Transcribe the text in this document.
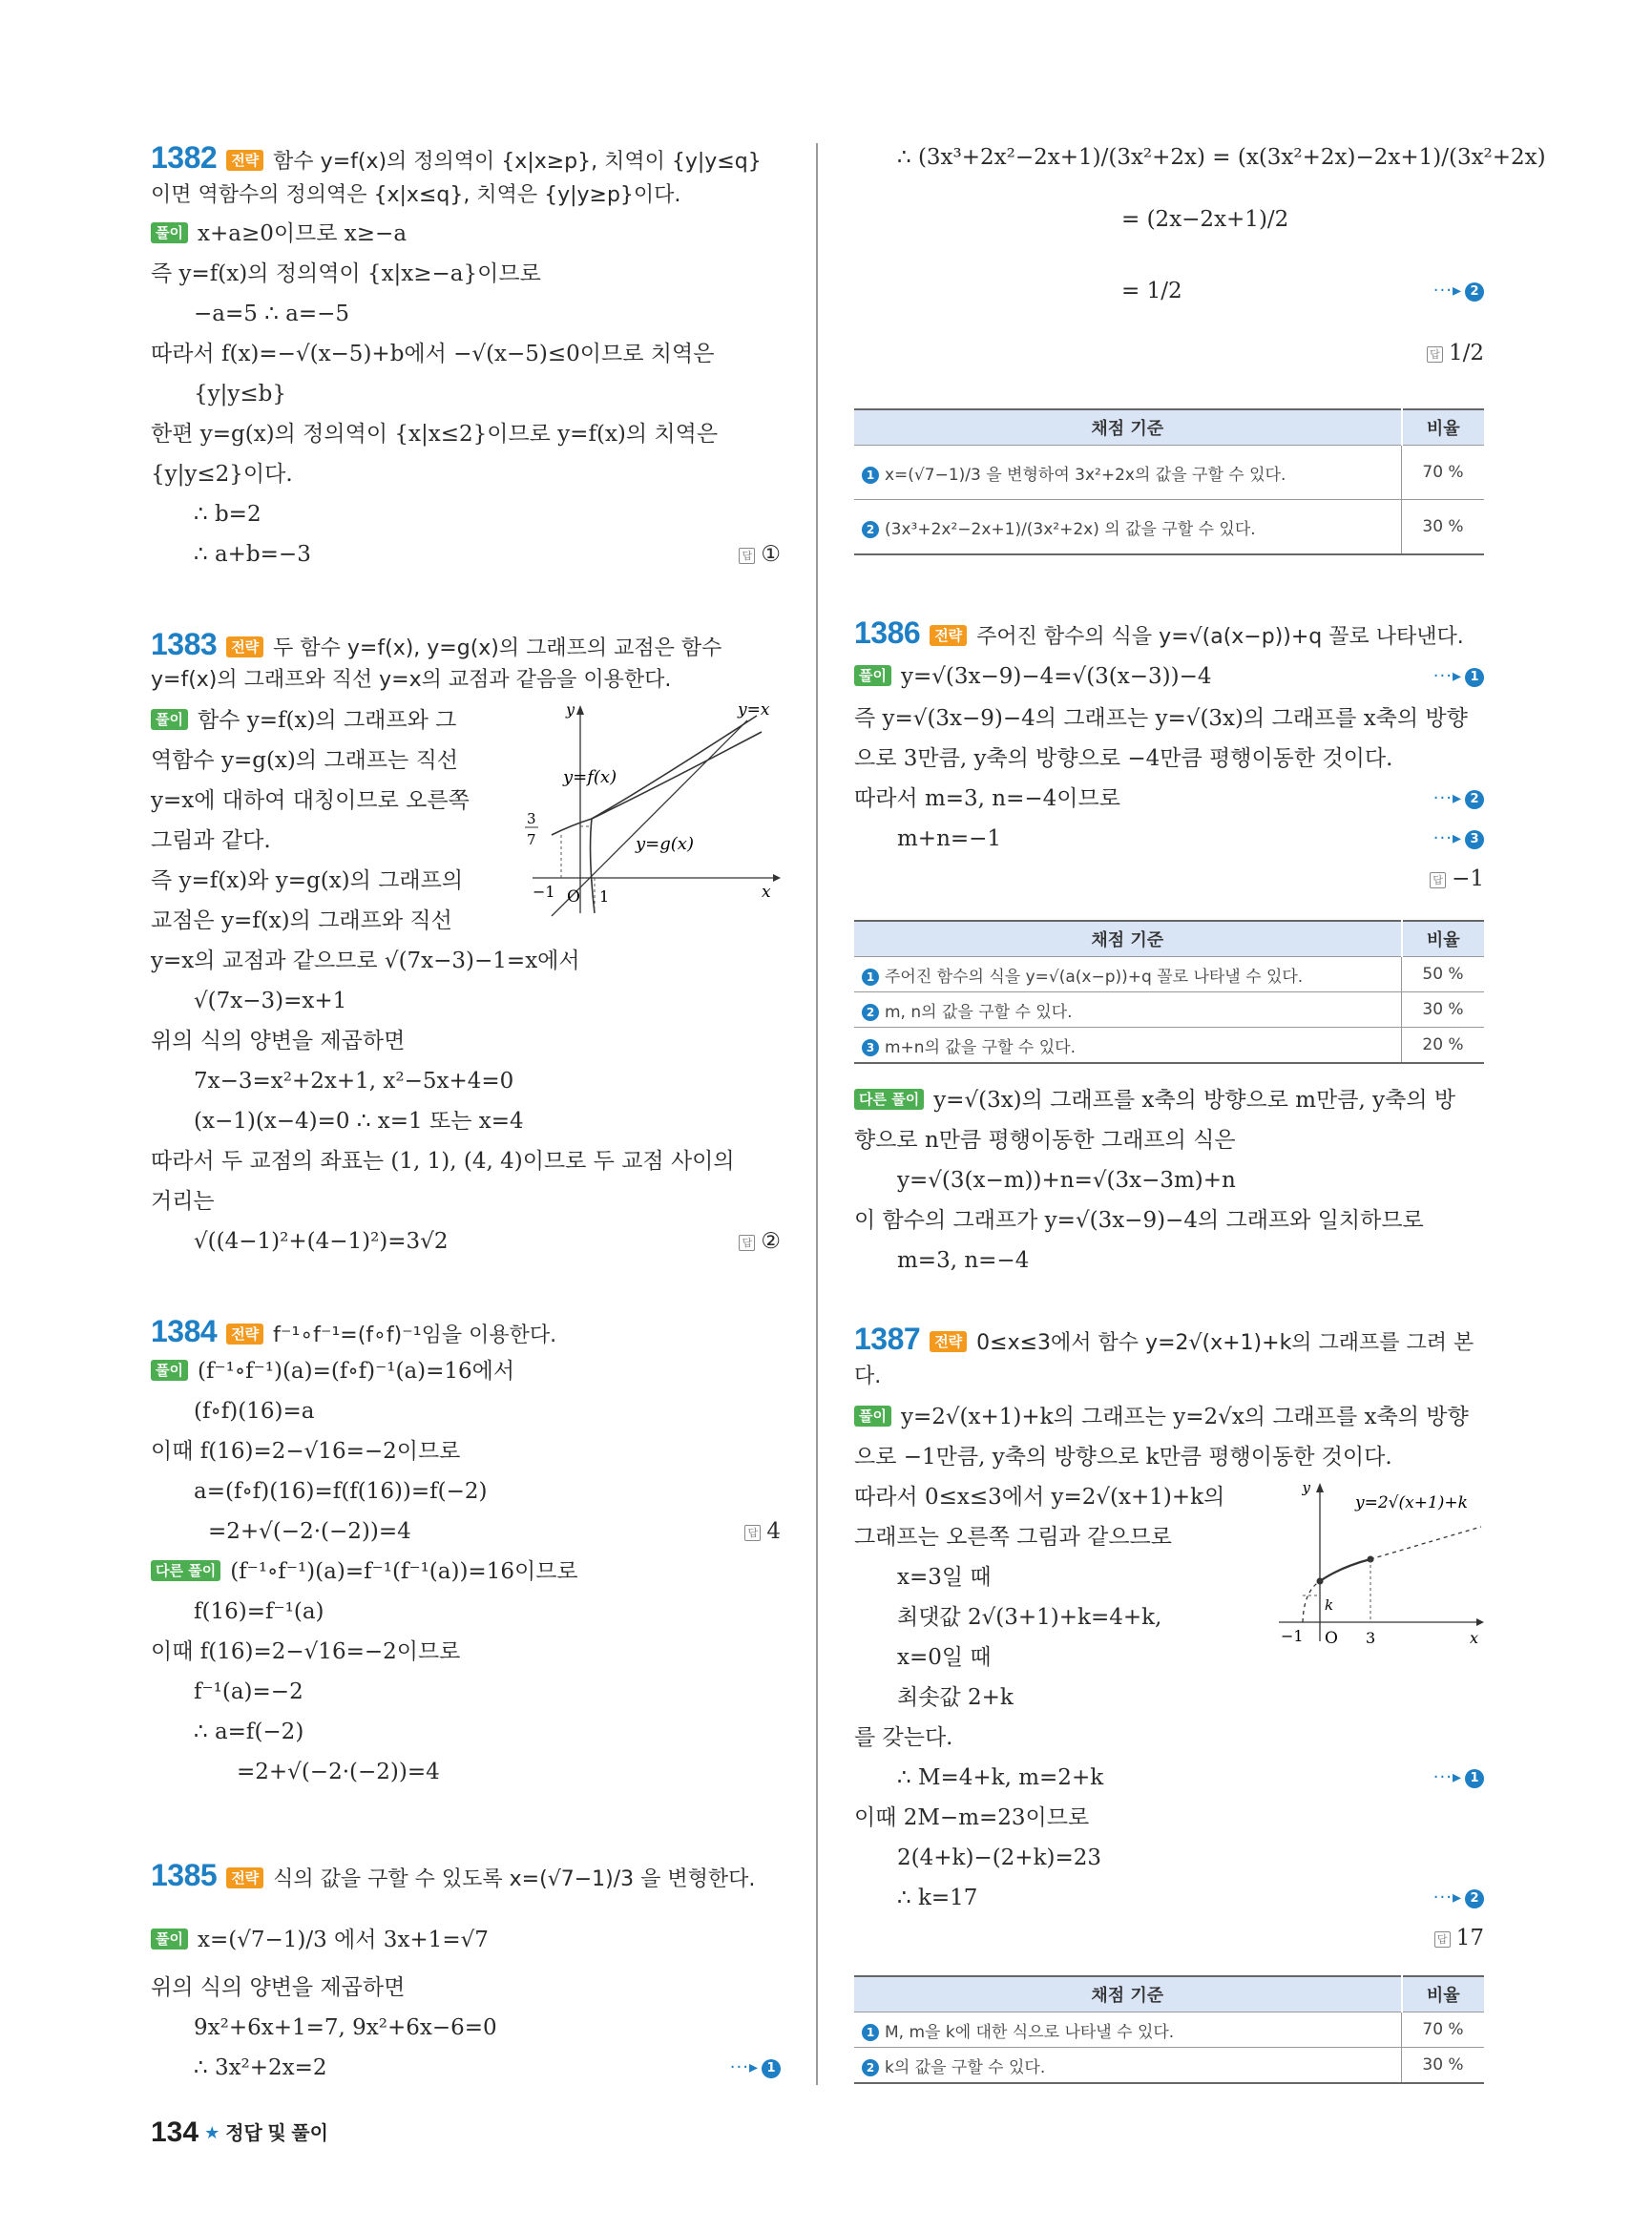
1382 전략 함수 y=f(x)의 정의역이 {x|x≥p}, 치역이 {y|y≤q}
이면 역함수의 정의역은 {x|x≤q}, 치역은 {y|y≥p}이다.
풀이 x+a≥0이므로 x≥−a
즉 y=f(x)의 정의역이 {x|x≥−a}이므로
−a=5 ∴ a=−5
따라서 f(x)=−√(x−5)+b에서 −√(x−5)≤0이므로 치역은
{y|y≤b}
한편 y=g(x)의 정의역이 {x|x≤2}이므로 y=f(x)의 치역은
{y|y≤2}이다.
∴ b=2
∴ a+b=−3	답 ①
1383 전략 두 함수 y=f(x), y=g(x)의 그래프의 교점은 함수
y=f(x)의 그래프와 직선 y=x의 교점과 같음을 이용한다.
풀이 함수 y=f(x)의 그래프와 그
역함수 y=g(x)의 그래프는 직선
y=x에 대하여 대칭이므로 오른쪽
그림과 같다.
즉 y=f(x)와 y=g(x)의 그래프의
교점은 y=f(x)의 그래프와 직선
y	y=x
y=f(x)
y=g(x)
3
7
−1 O 1	x
y=x의 교점과 같으므로 √(7x−3)−1=x에서
√(7x−3)=x+1
위의 식의 양변을 제곱하면
7x−3=x²+2x+1, x²−5x+4=0
(x−1)(x−4)=0 ∴ x=1 또는 x=4
따라서 두 교점의 좌표는 (1, 1), (4, 4)이므로 두 교점 사이의
거리는
√((4−1)²+(4−1)²)=3√2	답 ②
1384 전략 f⁻¹∘f⁻¹=(f∘f)⁻¹임을 이용한다.
풀이 (f⁻¹∘f⁻¹)(a)=(f∘f)⁻¹(a)=16에서
(f∘f)(16)=a
이때 f(16)=2−√16=−2이므로
a=(f∘f)(16)=f(f(16))=f(−2)
=2+√(−2·(−2))=4	답 4
다른 풀이 (f⁻¹∘f⁻¹)(a)=f⁻¹(f⁻¹(a))=16이므로
f(16)=f⁻¹(a)
이때 f(16)=2−√16=−2이므로
f⁻¹(a)=−2
∴ a=f(−2)
=2+√(−2·(−2))=4
1385 전략 식의 값을 구할 수 있도록 x=(√7−1)/3 을 변형한다.
풀이 x=(√7−1)/3 에서 3x+1=√7
위의 식의 양변을 제곱하면
9x²+6x+1=7, 9x²+6x−6=0
∴ 3x²+2x=2	···▸ 1
∴ (3x³+2x²−2x+1)/(3x²+2x) = (x(3x²+2x)−2x+1)/(3x²+2x)
= (2x−2x+1)/2
= 1/2	···▸ 2
답 1/2
채점 기준	비율
1 x=(√7−1)/3 을 변형하여 3x²+2x의 값을 구할 수 있다.	70 %
2 (3x³+2x²−2x+1)/(3x²+2x) 의 값을 구할 수 있다.	30 %
1386 전략 주어진 함수의 식을 y=√(a(x−p))+q 꼴로 나타낸다.
풀이 y=√(3x−9)−4=√(3(x−3))−4	···▸ 1
즉 y=√(3x−9)−4의 그래프는 y=√(3x)의 그래프를 x축의 방향
으로 3만큼, y축의 방향으로 −4만큼 평행이동한 것이다.
따라서 m=3, n=−4이므로	···▸ 2
m+n=−1	···▸ 3
답 −1
채점 기준	비율
1 주어진 함수의 식을 y=√(a(x−p))+q 꼴로 나타낼 수 있다.	50 %
2 m, n의 값을 구할 수 있다.	30 %
3 m+n의 값을 구할 수 있다.	20 %
다른 풀이 y=√(3x)의 그래프를 x축의 방향으로 m만큼, y축의 방
향으로 n만큼 평행이동한 그래프의 식은
y=√(3(x−m))+n=√(3x−3m)+n
이 함수의 그래프가 y=√(3x−9)−4의 그래프와 일치하므로
m=3, n=−4
1387 전략 0≤x≤3에서 함수 y=2√(x+1)+k의 그래프를 그려 본
다.
풀이 y=2√(x+1)+k의 그래프는 y=2√x의 그래프를 x축의 방향
으로 −1만큼, y축의 방향으로 k만큼 평행이동한 것이다.
따라서 0≤x≤3에서 y=2√(x+1)+k의
그래프는 오른쪽 그림과 같으므로
x=3일 때
최댓값 2√(3+1)+k=4+k,
x=0일 때
최솟값 2+k
y
y=2√(x+1)+k
k
−1 O 3	x
를 갖는다.
∴ M=4+k, m=2+k	···▸ 1
이때 2M−m=23이므로
2(4+k)−(2+k)=23
∴ k=17	···▸ 2
답 17
채점 기준	비율
1 M, m을 k에 대한 식으로 나타낼 수 있다.	70 %
2 k의 값을 구할 수 있다.	30 %
134 ★ 정답 및 풀이
